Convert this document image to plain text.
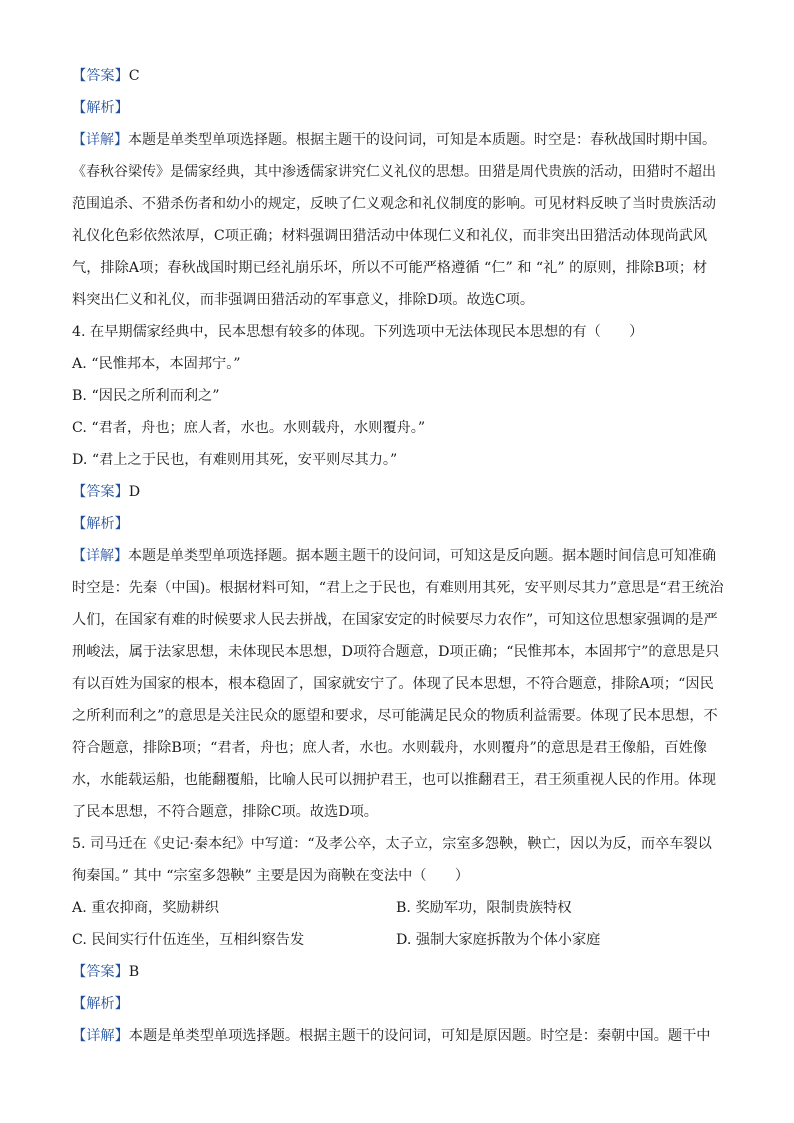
【答案】C
【解析】
【详解】本题是单类型单项选择题。根据主题干的设问词，可知是本质题。时空是：春秋战国时期中国。
《春秋谷梁传》是儒家经典，其中渗透儒家讲究仁义礼仪的思想。田猎是周代贵族的活动，田猎时不超出
范围追杀、不猎杀伤者和幼小的规定，反映了仁义观念和礼仪制度的影响。可见材料反映了当时贵族活动
礼仪化色彩依然浓厚，C项正确；材料强调田猎活动中体现仁义和礼仪，而非突出田猎活动体现尚武风
气，排除A项；春秋战国时期已经礼崩乐坏，所以不可能严格遵循 “仁” 和 “礼” 的原则，排除B项；材
料突出仁义和礼仪，而非强调田猎活动的军事意义，排除D项。故选C项。
4. 在早期儒家经典中，民本思想有较多的体现。下列选项中无法体现民本思想的有（　　）
A. “民惟邦本，本固邦宁。”
B. “因民之所利而利之”
C. “君者，舟也；庶人者，水也。水则载舟，水则覆舟。”
D. “君上之于民也，有难则用其死，安平则尽其力。”
【答案】D
【解析】
【详解】本题是单类型单项选择题。据本题主题干的设问词，可知这是反向题。据本题时间信息可知准确
时空是：先秦（中国)。根据材料可知，“君上之于民也，有难则用其死，安平则尽其力”意思是“君王统治
人们，在国家有难的时候要求人民去拼战，在国家安定的时候要尽力农作”，可知这位思想家强调的是严
刑峻法，属于法家思想，未体现民本思想，D项符合题意，D项正确；“民惟邦本，本固邦宁”的意思是只
有以百姓为国家的根本，根本稳固了，国家就安宁了。体现了民本思想，不符合题意，排除A项；“因民
之所利而利之”的意思是关注民众的愿望和要求，尽可能满足民众的物质利益需要。体现了民本思想，不
符合题意，排除B项；“君者，舟也；庶人者，水也。水则载舟，水则覆舟”的意思是君王像船，百姓像
水，水能载运船，也能翻覆船，比喻人民可以拥护君王，也可以推翻君王，君王须重视人民的作用。体现
了民本思想，不符合题意，排除C项。故选D项。
5. 司马迁在《史记·秦本纪》中写道：“及孝公卒，太子立，宗室多怨鞅，鞅亡，因以为反，而卒车裂以
徇秦国。” 其中 “宗室多怨鞅” 主要是因为商鞅在变法中（　　）
A. 重农抑商，奖励耕织	B. 奖励军功，限制贵族特权
C. 民间实行什伍连坐，互相纠察告发	D. 强制大家庭拆散为个体小家庭
【答案】B
【解析】
【详解】本题是单类型单项选择题。根据主题干的设问词，可知是原因题。时空是：秦朝中国。题干中
